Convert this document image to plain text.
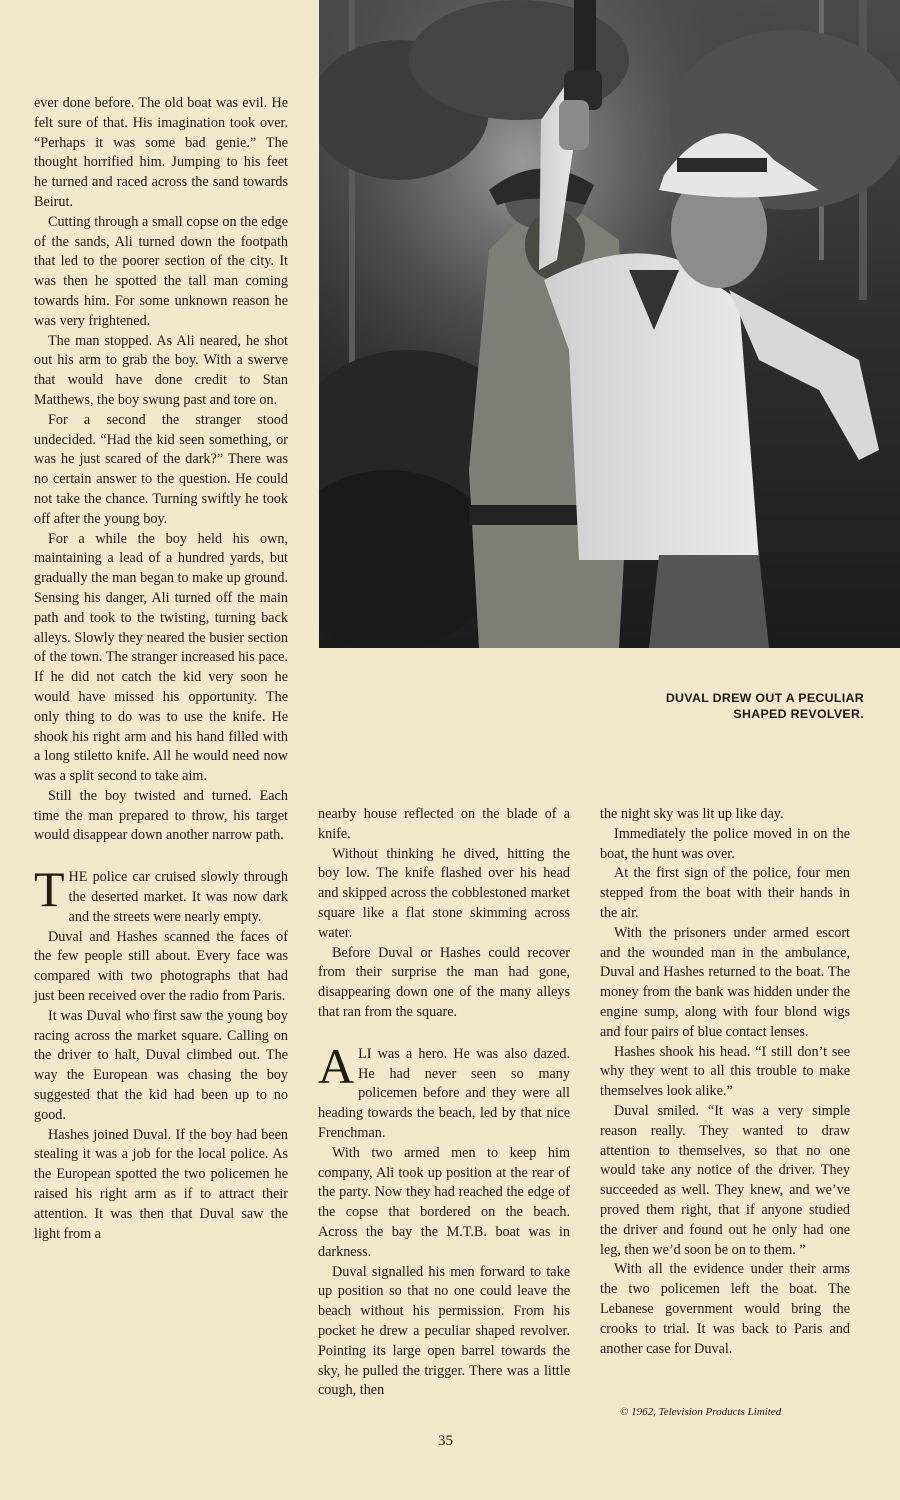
DUVAL DREW OUT A PECULIAR
SHAPED REVOLVER.

ever done before. The old boat was evil. He felt sure of that. His imagination took over. “Perhaps it was some bad genie.” The thought horrified him. Jumping to his feet he turned and raced across the sand towards Beirut.

Cutting through a small copse on the edge of the sands, Ali turned down the footpath that led to the poorer section of the city. It was then he spotted the tall man coming towards him. For some unknown reason he was very frightened.

The man stopped. As Ali neared, he shot out his arm to grab the boy. With a swerve that would have done credit to Stan Matthews, the boy swung past and tore on.

For a second the stranger stood undecided. “Had the kid seen something, or was he just scared of the dark?” There was no certain answer to the question. He could not take the chance. Turning swiftly he took off after the young boy.

For a while the boy held his own, maintaining a lead of a hundred yards, but gradually the man began to make up ground. Sensing his danger, Ali turned off the main path and took to the twisting, turning back alleys. Slowly they neared the busier section of the town. The stranger increased his pace. If he did not catch the kid very soon he would have missed his opportunity. The only thing to do was to use the knife. He shook his right arm and his hand filled with a long stiletto knife. All he would need now was a split second to take aim.

Still the boy twisted and turned. Each time the man prepared to throw, his target would disappear down another narrow path.

THE police car cruised slowly through the deserted market. It was now dark and the streets were nearly empty.

Duval and Hashes scanned the faces of the few people still about. Every face was compared with two photographs that had just been received over the radio from Paris.

It was Duval who first saw the young boy racing across the market square. Calling on the driver to halt, Duval climbed out. The way the European was chasing the boy suggested that the kid had been up to no good.

Hashes joined Duval. If the boy had been stealing it was a job for the local police. As the European spotted the two policemen he raised his right arm as if to attract their attention. It was then that Duval saw the light from a

nearby house reflected on the blade of a knife.

Without thinking he dived, hitting the boy low. The knife flashed over his head and skipped across the cobblestoned market square like a flat stone skimming across water.

Before Duval or Hashes could recover from their surprise the man had gone, disappearing down one of the many alleys that ran from the square.

ALI was a hero. He was also dazed. He had never seen so many policemen before and they were all heading towards the beach, led by that nice Frenchman.

With two armed men to keep him company, Ali took up position at the rear of the party. Now they had reached the edge of the copse that bordered on the beach. Across the bay the M.T.B. boat was in darkness.

Duval signalled his men forward to take up position so that no one could leave the beach without his permission. From his pocket he drew a peculiar shaped revolver. Pointing its large open barrel towards the sky, he pulled the trigger. There was a little cough, then

the night sky was lit up like day.

Immediately the police moved in on the boat, the hunt was over.

At the first sign of the police, four men stepped from the boat with their hands in the air.

With the prisoners under armed escort and the wounded man in the ambulance, Duval and Hashes returned to the boat. The money from the bank was hidden under the engine sump, along with four blond wigs and four pairs of blue contact lenses.

Hashes shook his head. “I still don’t see why they went to all this trouble to make themselves look alike.”

Duval smiled. “It was a very simple reason really. They wanted to draw attention to themselves, so that no one would take any notice of the driver. They succeeded as well. They knew, and we’ve proved them right, that if anyone studied the driver and found out he only had one leg, then we’d soon be on to them. ”

With all the evidence under their arms the two policemen left the boat. The Lebanese government would bring the crooks to trial. It was back to Paris and another case for Duval.

© 1962, Television Products Limited
35
